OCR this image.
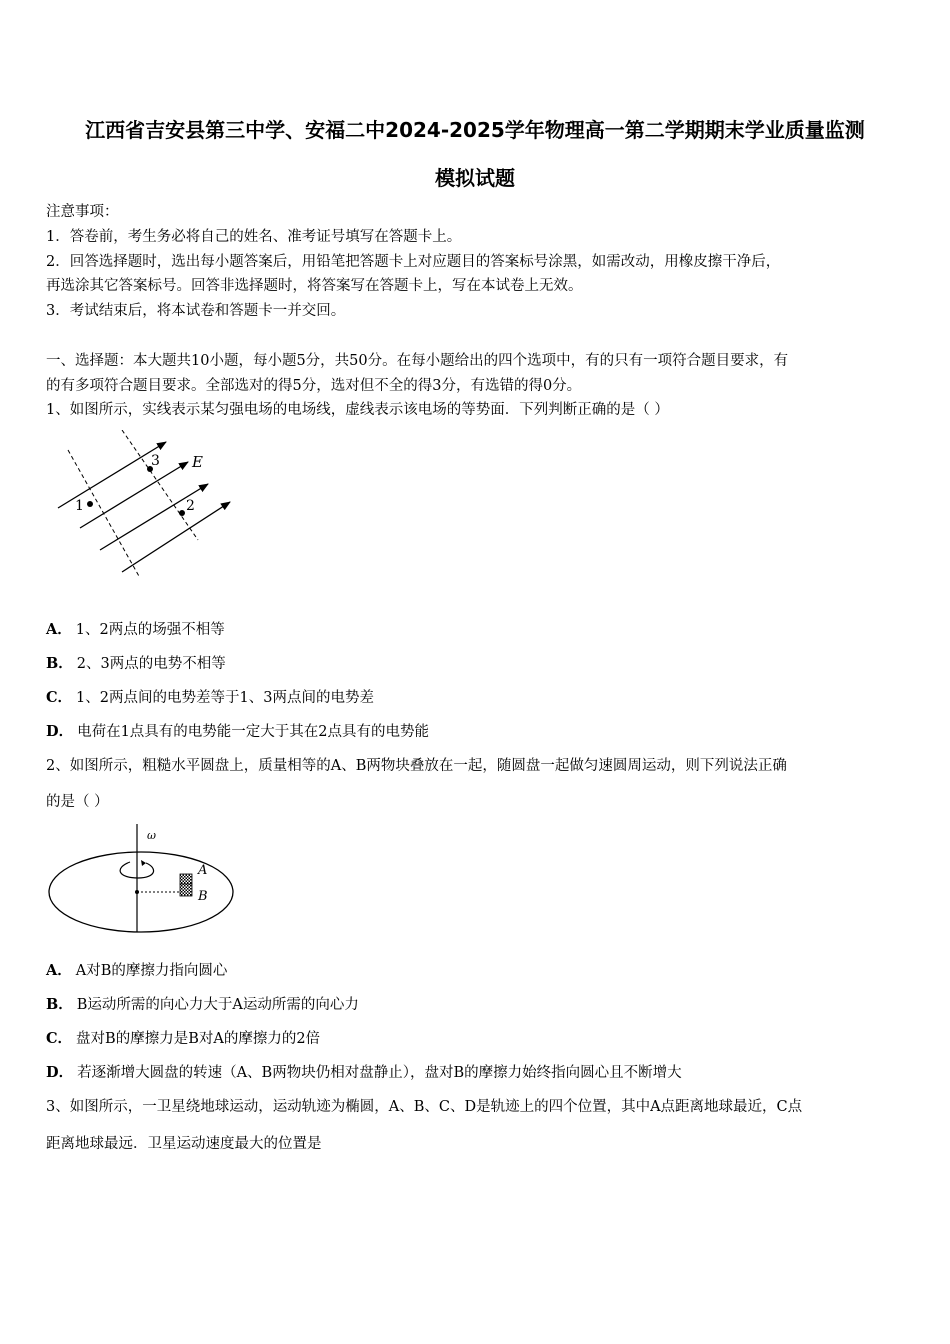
江西省吉安县第三中学、安福二中2024-2025学年物理高一第二学期期末学业质量监测
模拟试题
注意事项：
1．答卷前，考生务必将自己的姓名、准考证号填写在答题卡上。
2．回答选择题时，选出每小题答案后，用铅笔把答题卡上对应题目的答案标号涂黑，如需改动，用橡皮擦干净后，
再选涂其它答案标号。回答非选择题时，将答案写在答题卡上，写在本试卷上无效。
3．考试结束后，将本试卷和答题卡一并交回。
一、选择题：本大题共10小题，每小题5分，共50分。在每小题给出的四个选项中，有的只有一项符合题目要求，有
的有多项符合题目要求。全部选对的得5分，选对但不全的得3分，有选错的得0分。
1、如图所示，实线表示某匀强电场的电场线，虚线表示该电场的等势面．下列判断正确的是（ ）
1	2
3 E
A． 1、2两点的场强不相等
B． 2、3两点的电势不相等
C． 1、2两点间的电势差等于1、3两点间的电势差
D． 电荷在1点具有的电势能一定大于其在2点具有的电势能
2、如图所示，粗糙水平圆盘上，质量相等的A、B两物块叠放在一起，随圆盘一起做匀速圆周运动，则下列说法正确
的是（ ）
ω
A
B
A． A对B的摩擦力指向圆心
B． B运动所需的向心力大于A运动所需的向心力
C． 盘对B的摩擦力是B对A的摩擦力的2倍
D． 若逐渐增大圆盘的转速（A、B两物块仍相对盘静止），盘对B的摩擦力始终指向圆心且不断增大
3、如图所示，一卫星绕地球运动，运动轨迹为椭圆，A、B、C、D是轨迹上的四个位置，其中A点距离地球最近，C点
距离地球最远．卫星运动速度最大的位置是
